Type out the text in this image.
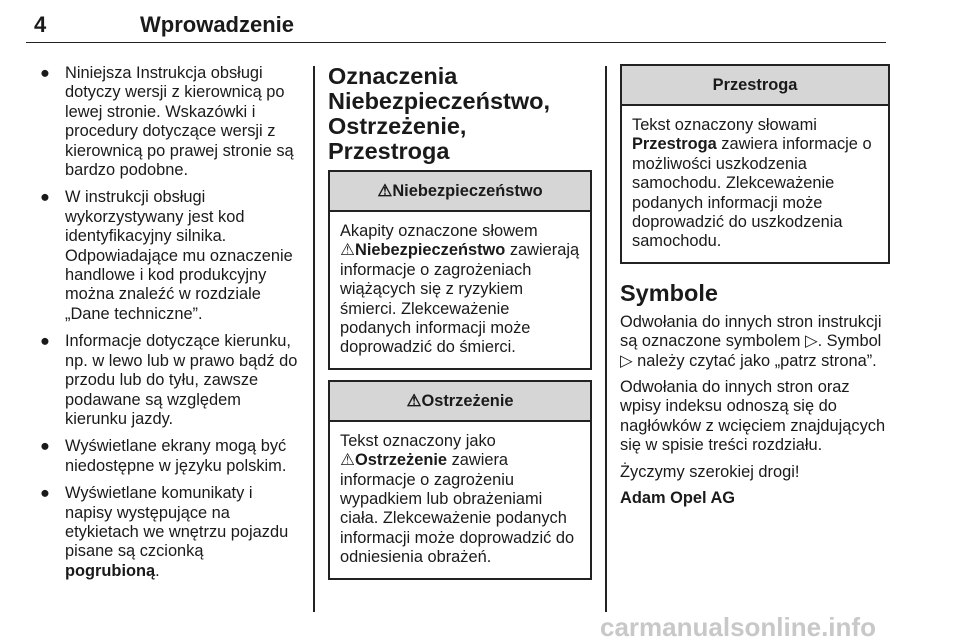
4	Wprowadzenie
● Niniejsza Instrukcja obsługi dotyczy wersji z kierownicą po lewej stronie. Wskazówki i procedury dotyczące wersji z kierownicą po prawej stronie są bardzo podobne.
● W instrukcji obsługi wykorzystywany jest kod identyfikacyjny silnika. Odpowiadające mu oznaczenie handlowe i kod produkcyjny można znaleźć w rozdziale „Dane techniczne”.
● Informacje dotyczące kierunku, np. w lewo lub w prawo bądź do przodu lub do tyłu, zawsze podawane są względem kierunku jazdy.
● Wyświetlane ekrany mogą być niedostępne w języku polskim.
● Wyświetlane komunikaty i napisy występujące na etykietach we wnętrzu pojazdu pisane są czcionką pogrubioną.
Oznaczenia Niebezpieczeństwo, Ostrzeżenie, Przestroga
⚠Niebezpieczeństwo
Akapity oznaczone słowem
⚠Niebezpieczeństwo zawierają informacje o zagrożeniach wiążących się z ryzykiem śmierci. Zlekceważenie podanych informacji może doprowadzić do śmierci.
⚠Ostrzeżenie
Tekst oznaczony jako
⚠Ostrzeżenie zawiera informacje o zagrożeniu wypadkiem lub obrażeniami ciała. Zlekceważenie podanych informacji może doprowadzić do odniesienia obrażeń.
Przestroga
Tekst oznaczony słowami
Przestroga zawiera informacje o możliwości uszkodzenia samochodu. Zlekceważenie podanych informacji może doprowadzić do uszkodzenia samochodu.
Symbole

Odwołania do innych stron instrukcji są oznaczone symbolem ▷. Symbol ▷ należy czytać jako „patrz strona”.

Odwołania do innych stron oraz wpisy indeksu odnoszą się do nagłówków z wcięciem znajdujących się w spisie treści rozdziału.

Życzymy szerokiej drogi!

Adam Opel AG

carmanualsonline.info
